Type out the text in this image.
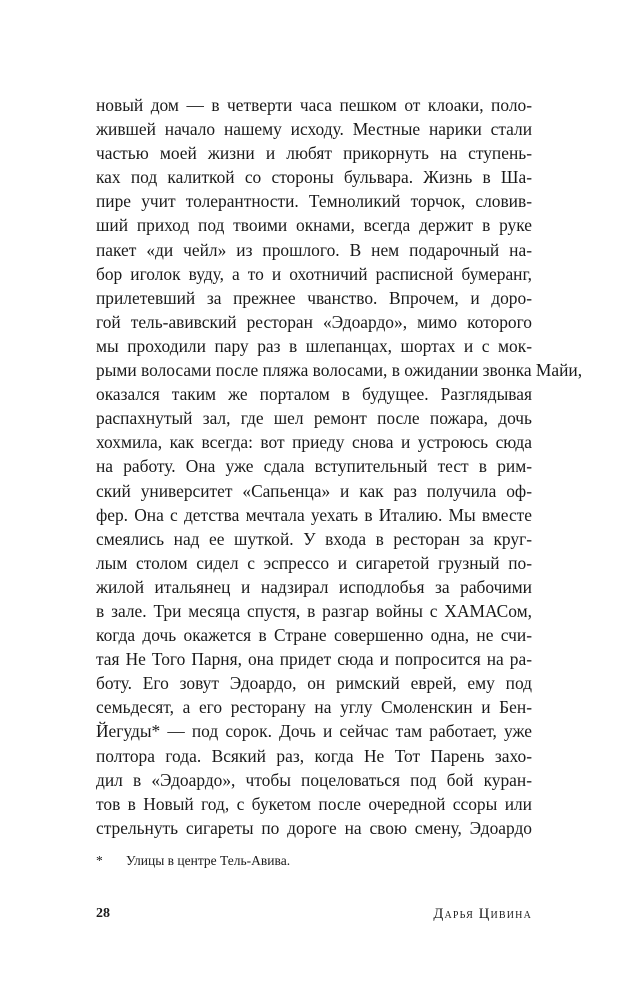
новый дом — в четверти часа пешком от клоаки, поло-
жившей начало нашему исходу. Местные нарики стали
частью моей жизни и любят прикорнуть на ступень-
ках под калиткой со стороны бульвара. Жизнь в Ша-
пире учит толерантности. Темноликий торчок, словив-
ший приход под твоими окнами, всегда держит в руке
пакет «ди чейл» из прошлого. В нем подарочный на-
бор иголок вуду, а то и охотничий расписной бумеранг,
прилетевший за прежнее чванство. Впрочем, и доро-
гой тель-авивский ресторан «Эдоардо», мимо которого
мы проходили пару раз в шлепанцах, шортах и с мок-
рыми волосами после пляжа волосами, в ожидании звонка Майи,
оказался таким же порталом в будущее. Разглядывая
распахнутый зал, где шел ремонт после пожара, дочь
хохмила, как всегда: вот приеду снова и устроюсь сюда
на работу. Она уже сдала вступительный тест в рим-
ский университет «Сапьенца» и как раз получила оф-
фер. Она с детства мечтала уехать в Италию. Мы вместе
смеялись над ее шуткой. У входа в ресторан за круг-
лым столом сидел с эспрессо и сигаретой грузный по-
жилой итальянец и надзирал исподлобья за рабочими
в зале. Три месяца спустя, в разгар войны с ХАМАСом,
когда дочь окажется в Стране совершенно одна, не счи-
тая Не Того Парня, она придет сюда и попросится на ра-
боту. Его зовут Эдоардо, он римский еврей, ему под
семьдесят, а его ресторану на углу Смоленскин и Бен-
Йегуды* — под сорок. Дочь и сейчас там работает, уже
полтора года. Всякий раз, когда Не Тот Парень захо-
дил в «Эдоардо», чтобы поцеловаться под бой куран-
тов в Новый год, с букетом после очередной ссоры или
стрельнуть сигареты по дороге на свою смену, Эдоардо
* Улицы в центре Тель-Авива.
28	Дарья Цивина
